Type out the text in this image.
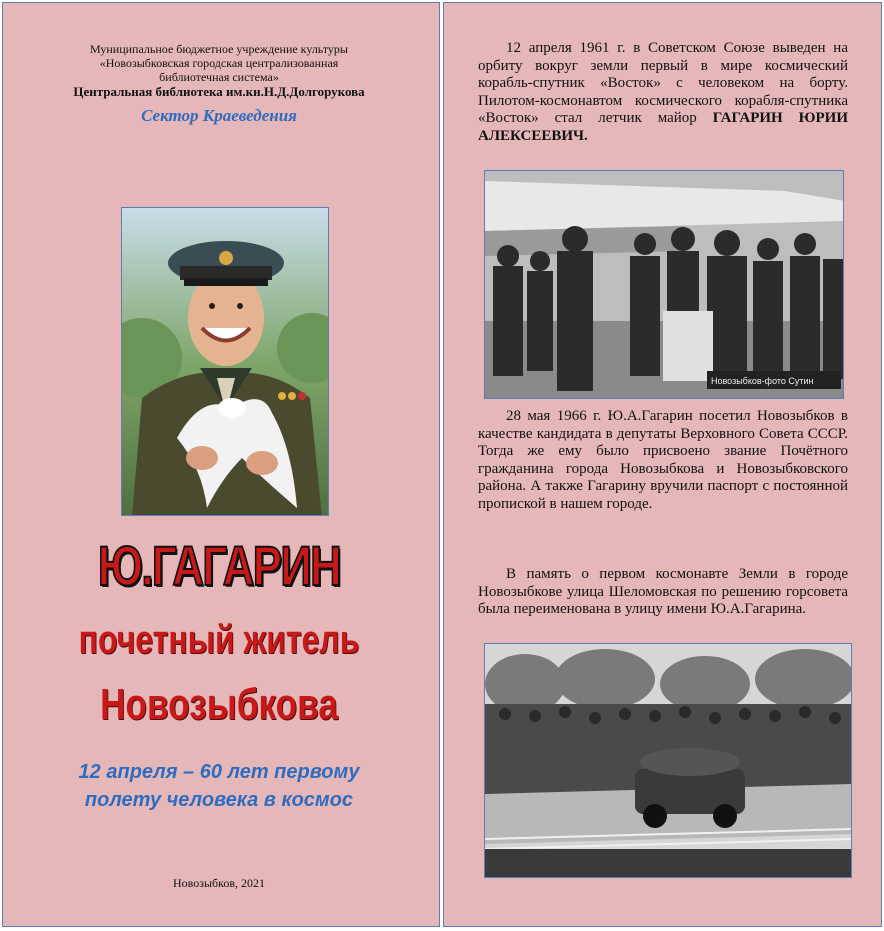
Муниципальное бюджетное учреждение культуры
«Новозыбковская городская централизованная
библиотечная система»
Центральная библиотека им.кн.Н.Д.Долгорукова
Сектор Краеведения
Ю.ГАГАРИН
почетный житель
Новозыбкова
12 апреля – 60 лет первому
полету человека в космос
Новозыбков, 2021
12 апреля 1961 г. в Советском Союзе выведен на орбиту вокруг земли первый в мире космический корабль-спутник «Восток» с человеком на борту. Пилотом-космонавтом космического корабля-спутника «Восток» стал летчик майор ГАГАРИН ЮРИИ АЛЕКСЕЕВИЧ.
Новозыбков-фото Сутин
28 мая 1966 г. Ю.А.Гагарин посетил Новозыбков в качестве кандидата в депутаты Верховного Совета СССР. Тогда же ему было присвоено звание Почётного гражданина города Новозыбкова и Новозыбковского района. А также Гагарину вручили паспорт с постоянной пропиской в нашем городе.
В память о первом космонавте Земли в городе Новозыбкове улица Шеломовская по решению горсовета была переименована в улицу имени Ю.А.Гагарина.
